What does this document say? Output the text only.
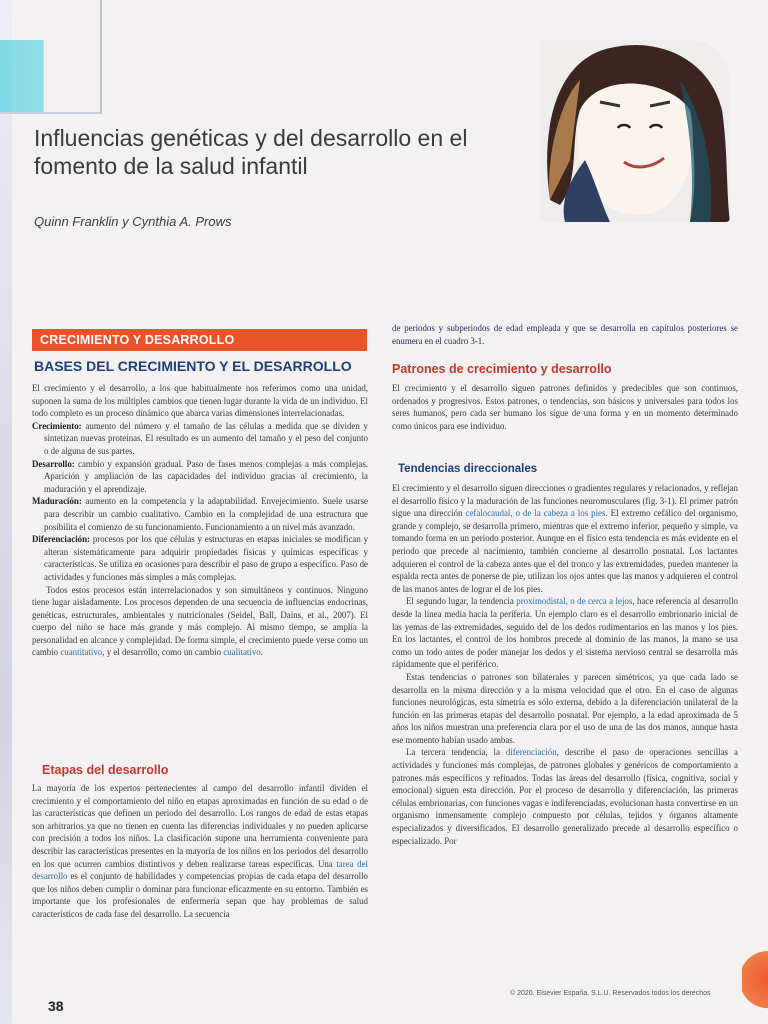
Influencias genéticas y del desarrollo en el fomento de la salud infantil
Quinn Franklin y Cynthia A. Prows
CRECIMIENTO Y DESARROLLO
BASES DEL CRECIMIENTO Y EL DESARROLLO

El crecimiento y el desarrollo, a los que habitualmente nos referimos como una unidad, suponen la suma de los múltiples cambios que tienen lugar durante la vida de un individuo. El todo completo es un proceso dinámico que abarca varias dimensiones interrelacionadas.

Crecimiento: aumento del número y el tamaño de las células a medida que se dividen y sintetizan nuevas proteínas. El resultado es un aumento del tamaño y el peso del conjunto o de alguna de sus partes.

Desarrollo: cambio y expansión gradual. Paso de fases menos complejas a más complejas. Aparición y ampliación de las capacidades del individuo gracias al crecimiento, la maduración y el aprendizaje.

Maduración: aumento en la competencia y la adaptabilidad. Envejecimiento. Suele usarse para describir un cambio cualitativo. Cambio en la complejidad de una estructura que posibilita el comienzo de su funcionamiento. Funcionamiento a un nivel más avanzado.

Diferenciación: procesos por los que células y estructuras en etapas iniciales se modifican y alteran sistemáticamente para adquirir propiedades físicas y químicas específicas y características. Se utiliza en ocasiones para describir el paso de grupo a específico. Paso de actividades y funciones más simples a más complejas.

Todos estos procesos están interrelacionados y son simultáneos y continuos. Ninguno tiene lugar aisladamente. Los procesos dependen de una secuencia de influencias endocrinas, genéticas, estructurales, ambientales y nutricionales (Seidel, Ball, Dains, et al., 2007). El cuerpo del niño se hace más grande y más complejo. Al mismo tiempo, se amplía la personalidad en alcance y complejidad. De forma simple, el crecimiento puede verse como un cambio cuantitativo, y el desarrollo, como un cambio cualitativo.

Etapas del desarrollo

La mayoría de los expertos pertenecientes al campo del desarrollo infantil dividen el crecimiento y el comportamiento del niño en etapas aproximadas en función de su edad o de las características que definen un periodo del desarrollo. Los rangos de edad de estas etapas son arbitrarios ya que no tienen en cuenta las diferencias individuales y no pueden aplicarse con precisión a todos los niños. La clasificación supone una herramienta conveniente para describir las características presentes en la mayoría de los niños en los periodos del desarrollo en los que ocurren cambios distintivos y deben realizarse tareas específicas. Una tarea del desarrollo es el conjunto de habilidades y competencias propias de cada etapa del desarrollo que los niños deben cumplir o dominar para funcionar eficazmente en su entorno. También es importante que los profesionales de enfermería sepan que hay problemas de salud característicos de cada fase del desarrollo. La secuencia

de periodos y subperiodos de edad empleada y que se desarrolla en capítulos posteriores se enumera en el cuadro 3-1.

Patrones de crecimiento y desarrollo

El crecimiento y el desarrollo siguen patrones definidos y predecibles que son continuos, ordenados y progresivos. Estos patrones, o tendencias, son básicos y universales para todos los seres humanos, pero cada ser humano los sigue de una forma y en un momento determinado como únicos para ese individuo.

Tendencias direccionales

El crecimiento y el desarrollo siguen direcciones o gradientes regulares y relacionados, y reflejan el desarrollo físico y la maduración de las funciones neuromusculares (fig. 3-1). El primer patrón sigue una dirección cefalocaudal, o de la cabeza a los pies. El extremo cefálico del organismo, grande y complejo, se desarrolla primero, mientras que el extremo inferior, pequeño y simple, va tomando forma en un periodo posterior. Aunque en el físico esta tendencia es más evidente en el periodo que precede al nacimiento, también concierne al desarrollo posnatal. Los lactantes adquieren el control de la cabeza antes que el del tronco y las extremidades, pueden mantener la espalda recta antes de ponerse de pie, utilizan los ojos antes que las manos y adquieren el control de las manos antes de lograr el de los pies.

El segundo lugar, la tendencia proximodistal, o de cerca a lejos, hace referencia al desarrollo desde la línea media hacia la periferia. Un ejemplo claro es el desarrollo embrionario inicial de las yemas de las extremidades, seguido del de los dedos rudimentarios en las manos y los pies. En los lactantes, el control de los hombros precede al dominio de las manos, la mano se usa como un todo antes de poder manejar los dedos y el sistema nervioso central se desarrolla más rápidamente que el periférico.

Estas tendencias o patrones son bilaterales y parecen simétricos, ya que cada lado se desarrolla en la misma dirección y a la misma velocidad que el otro. En el caso de algunas funciones neurológicas, esta simetría es sólo externa, debido a la diferenciación unilateral de la función en las primeras etapas del desarrollo posnatal. Por ejemplo, a la edad aproximada de 5 años los niños muestran una preferencia clara por el uso de una de las dos manos, aunque hasta ese momento habían usado ambas.

La tercera tendencia, la diferenciación, describe el paso de operaciones sencillas a actividades y funciones más complejas, de patrones globales y genéricos de comportamiento a patrones más específicos y refinados. Todas las áreas del desarrollo (física, cognitiva, social y emocional) siguen esta dirección. Por el proceso de desarrollo y diferenciación, las primeras células embrionarias, con funciones vagas e indiferenciadas, evolucionan hasta convertirse en un organismo inmensamente complejo compuesto por células, tejidos y órganos altamente especializados y diversificados. El desarrollo generalizado precede al desarrollo específico o especializado. Por

38
© 2020. Elsevier España, S.L.U. Reservados todos los derechos
